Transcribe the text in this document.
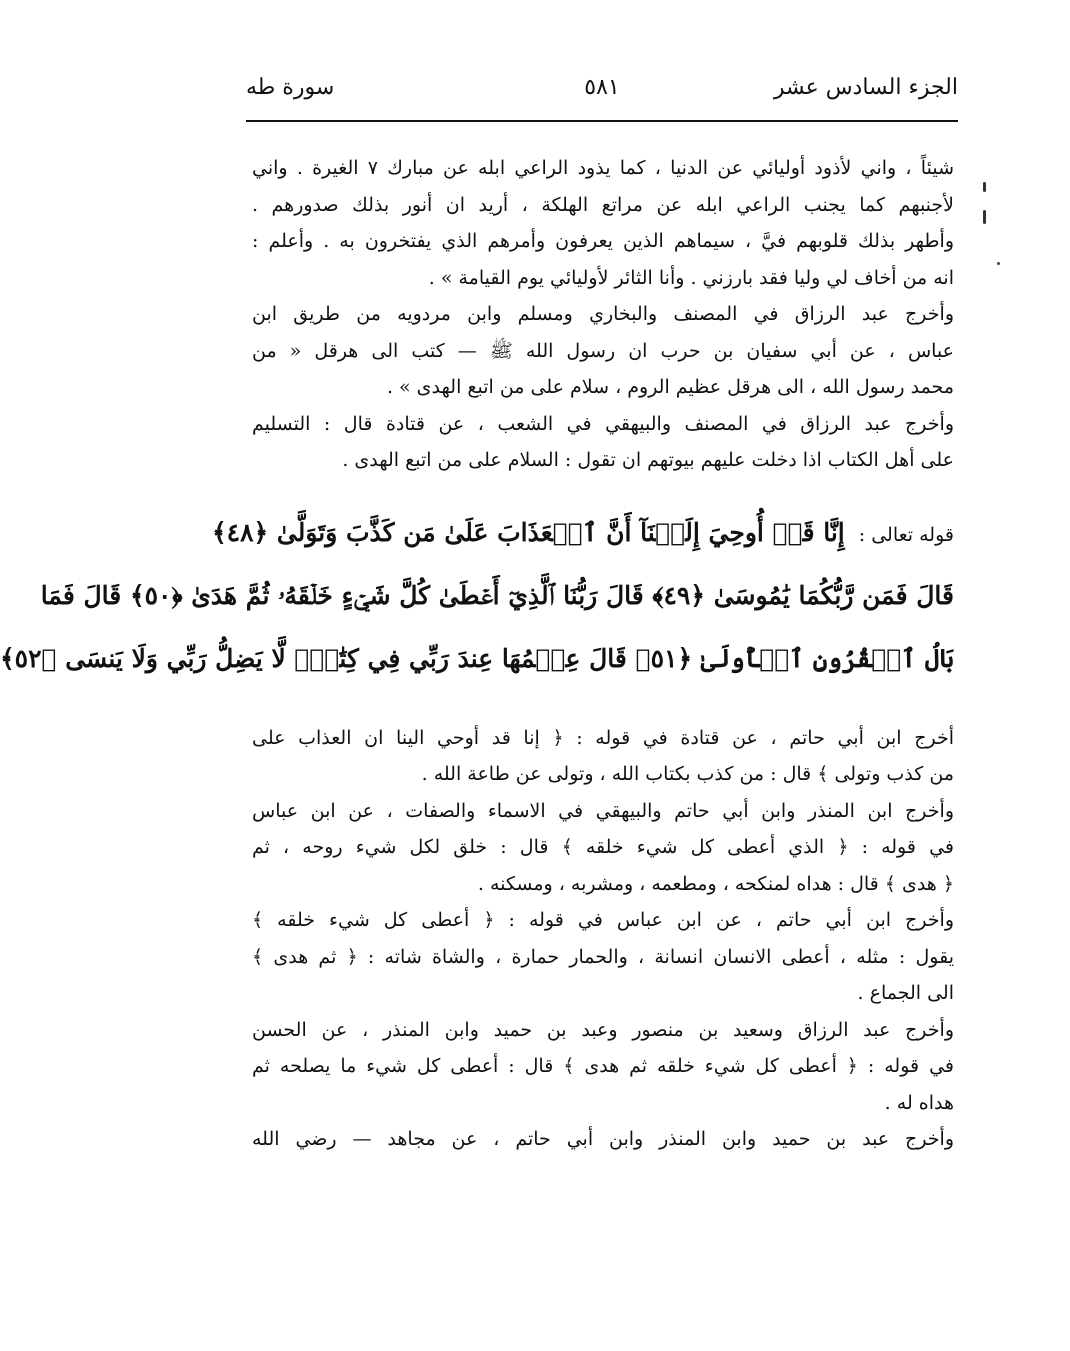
الجزء السادس عشر
٥٨١
سورة طه
شيئاً ، واني لأذود أوليائي عن الدنيا ، كما يذود الراعي ابله عن مبارك ٧ الغيرة . واني
لأجنبهم كما يجنب الراعي ابله عن مراتع الهلكة ، أريد ان أنور بذلك صدورهم .
وأطهر بذلك قلوبهم فيَّ ، سيماهم الذين يعرفون وأمرهم الذي يفتخرون به . وأعلم :
انه من أخاف لي وليا فقد بارزني . وأنا الثائر لأوليائي يوم القيامة » .
وأخرج عبد الرزاق في المصنف والبخاري ومسلم وابن مردويه من طريق ابن
عباس ، عن أبي سفيان بن حرب ان رسول الله ﷺ — كتب الى هرقل « من
محمد رسول الله ، الى هرقل عظيم الروم ، سلام على من اتبع الهدى » .
وأخرج عبد الرزاق في المصنف والبيهقي في الشعب ، عن قتادة قال : التسليم
على أهل الكتاب اذا دخلت عليهم بيوتهم ان تقول : السلام على من اتبع الهدى .
قوله تعالى :إِنَّا قَدۡ أُوحِيَ إِلَيۡنَآ أَنَّ ٱلۡعَذَابَ عَلَىٰ مَن كَذَّبَ وَتَوَلَّىٰ ﴿٤٨﴾
قَالَ فَمَن رَّبُّكُمَا يَٰمُوسَىٰ ﴿٤٩﴾ قَالَ رَبُّنَا ٱلَّذِيٓ أَعۡطَىٰ كُلَّ شَيۡءٍ خَلۡقَهُۥ ثُمَّ هَدَىٰ ﴿٥٠﴾ قَالَ فَمَا
بَالُ ٱلۡقُرُونِ ٱلۡأُولَىٰ ﴿٥١﴾ قَالَ عِلۡمُهَا عِندَ رَبِّي فِي كِتَٰبٖۖ لَّا يَضِلُّ رَبِّي وَلَا يَنسَى ﴿٥٢﴾
أخرج ابن أبي حاتم ، عن قتادة في قوله : ﴿ إنا قد أوحي الينا ان العذاب على
من كذب وتولى ﴾ قال : من كذب بكتاب الله ، وتولى عن طاعة الله .
وأخرج ابن المنذر وابن أبي حاتم والبيهقي في الاسماء والصفات ، عن ابن عباس
في قوله : ﴿ الذي أعطى كل شيء خلقه ﴾ قال : خلق لكل شيء روحه ، ثم
﴿ هدى ﴾ قال : هداه لمنكحه ، ومطعمه ، ومشربه ، ومسكنه .
وأخرج ابن أبي حاتم ، عن ابن عباس في قوله : ﴿ أعطى كل شيء خلقه ﴾
يقول : مثله ، أعطى الانسان انسانة ، والحمار حمارة ، والشاة شاته : ﴿ ثم هدى ﴾
الى الجماع .
وأخرج عبد الرزاق وسعيد بن منصور وعبد بن حميد وابن المنذر ، عن الحسن
في قوله : ﴿ أعطى كل شيء خلقه ثم هدى ﴾ قال : أعطى كل شيء ما يصلحه ثم
هداه له .
وأخرج عبد بن حميد وابن المنذر وابن أبي حاتم ، عن مجاهد — رضي الله
